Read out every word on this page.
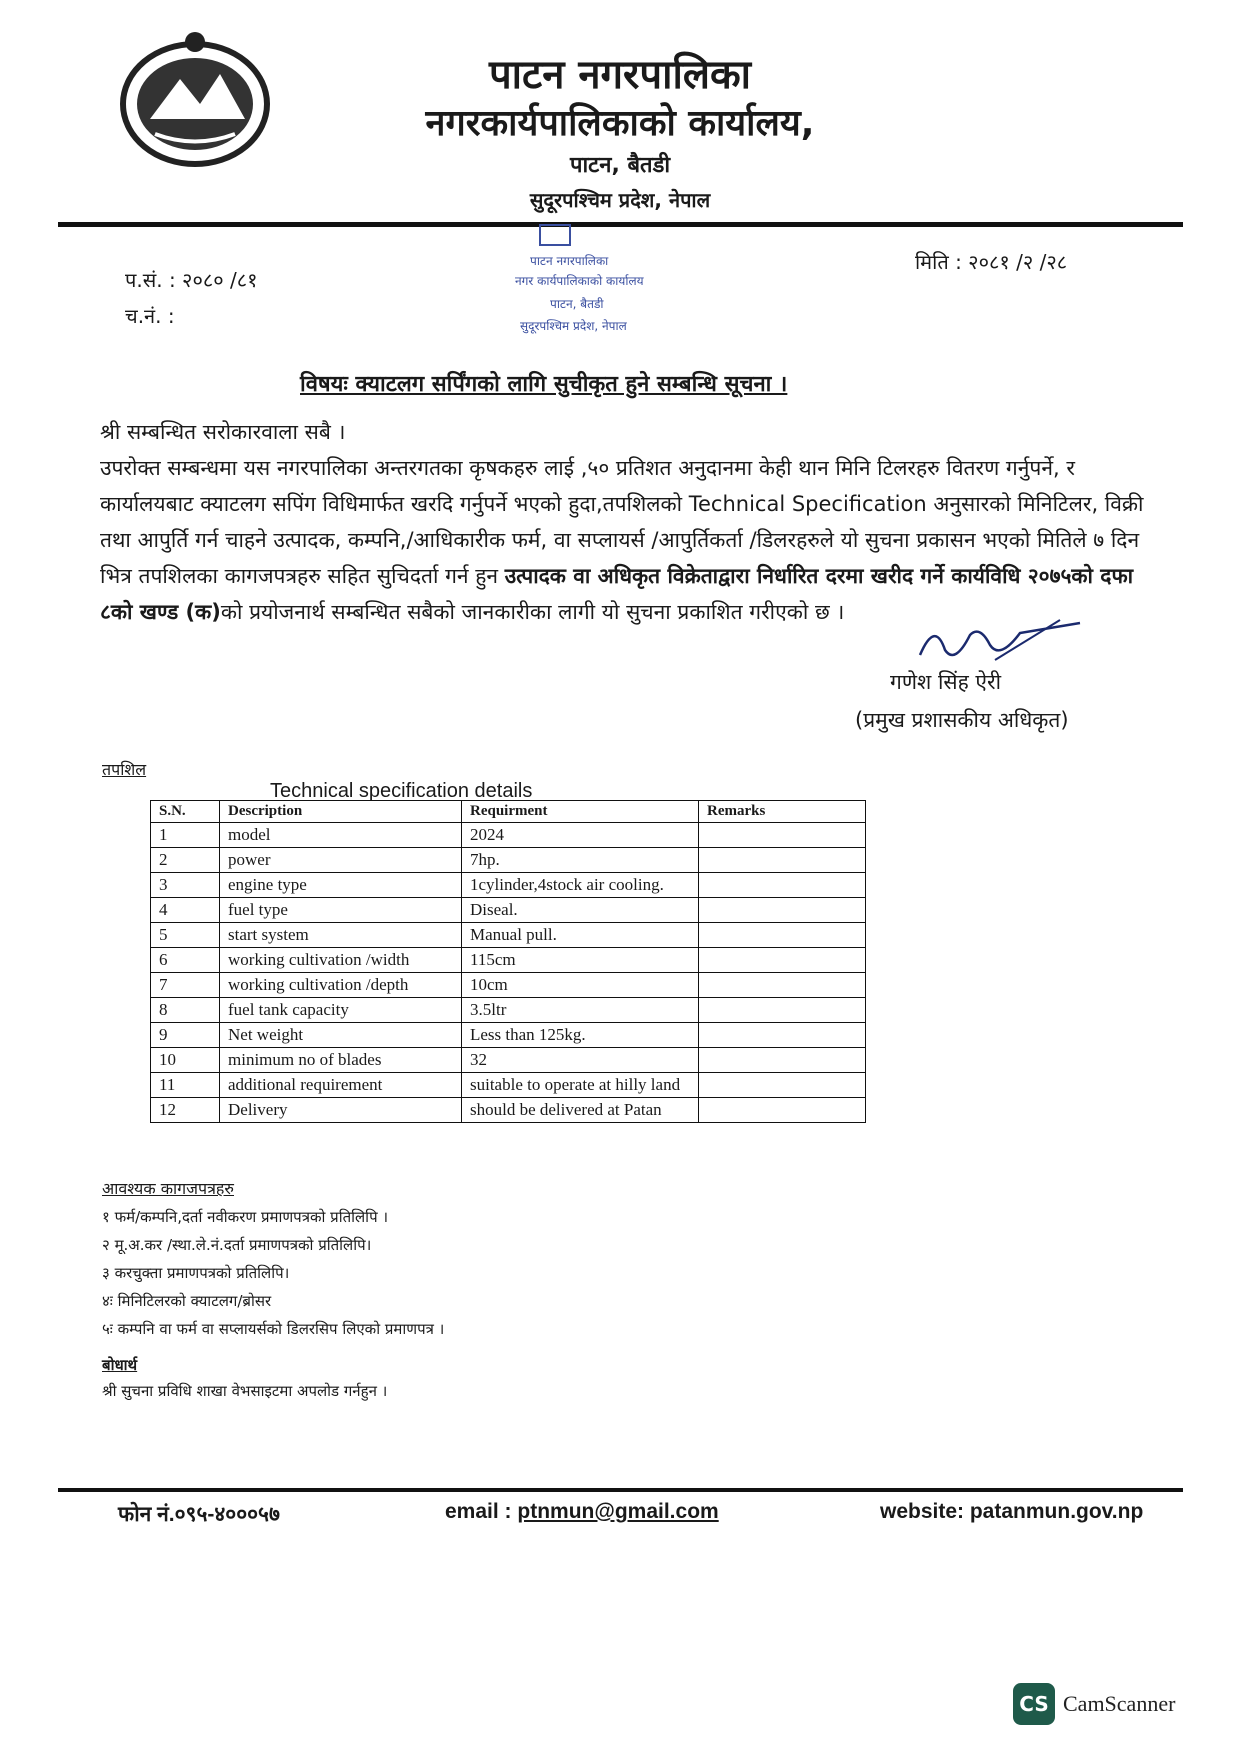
पाटन नगरपालिका
नगरकार्यपालिकाको कार्यालय,
पाटन, बैतडी
सुदूरपश्चिम प्रदेश, नेपाल
प.सं. : २०८० /८१
च.नं. :
मिति : २०८१ /२ /२८
पाटन नगरपालिका
नगर कार्यपालिकाको कार्यालय
पाटन, बैतडी
सुदूरपश्चिम प्रदेश, नेपाल
विषयः क्याटलग सर्पिंगको लागि सुचीकृत हुने सम्बन्धि सूचना ।
श्री सम्बन्धित सरोकारवाला सबै ।
उपरोक्त सम्बन्धमा यस नगरपालिका अन्तरगतका कृषकहरु लाई ,५० प्रतिशत अनुदानमा केही थान मिनि टिलरहरु वितरण गर्नुपर्ने, र कार्यालयबाट क्याटलग सपिंग विधिमार्फत खरदि गर्नुपर्ने भएको हुदा,तपशिलको Technical Specification अनुसारको मिनिटिलर, विक्री तथा आपुर्ति गर्न चाहने उत्पादक, कम्पनि,/आधिकारीक फर्म, वा सप्लायर्स /आपुर्तिकर्ता /डिलरहरुले यो सुचना प्रकासन भएको मितिले ७ दिन भित्र तपशिलका कागजपत्रहरु सहित सुचिदर्ता गर्न हुन उत्पादक वा अधिकृत विक्रेताद्वारा निर्धारित दरमा खरीद गर्ने कार्यविधि २०७५को दफा ८को खण्ड (क)को प्रयोजनार्थ सम्बन्धित सबैको जानकारीका लागी यो सुचना प्रकाशित गरीएको छ ।
गणेश सिंह ऐरी
(प्रमुख प्रशासकीय अधिकृत)
तपशिल
Technical specification details
S.N.	Description	Requirment	Remarks
1	model	2024	
2	power	7hp.	
3	engine type	1cylinder,4stock air cooling.	
4	fuel type	Diseal.	
5	start system	Manual pull.	
6	working cultivation /width	115cm	
7	working cultivation /depth	10cm	
8	fuel tank capacity	3.5ltr	
9	Net weight	Less than 125kg.	
10	minimum no of blades	32	
11	additional requirement	suitable to operate at hilly land	
12	Delivery	should be delivered at Patan	
आवश्यक कागजपत्रहरु
१ फर्म/कम्पनि,दर्ता नवीकरण प्रमाणपत्रको प्रतिलिपि ।
२ मू.अ.कर /स्था.ले.नं.दर्ता प्रमाणपत्रको प्रतिलिपि।
३ करचुक्ता प्रमाणपत्रको प्रतिलिपि।
४ः मिनिटिलरको क्याटलग/ब्रोसर
५ः कम्पनि वा फर्म वा सप्लायर्सको डिलरसिप लिएको प्रमाणपत्र ।
बोधार्थ
श्री सुचना प्रविधि शाखा वेभसाइटमा अपलोड गर्नहुन ।
फोन नं.०९५-४०००५७	email : ptnmun@gmail.com	website: patanmun.gov.np
CS CamScanner
